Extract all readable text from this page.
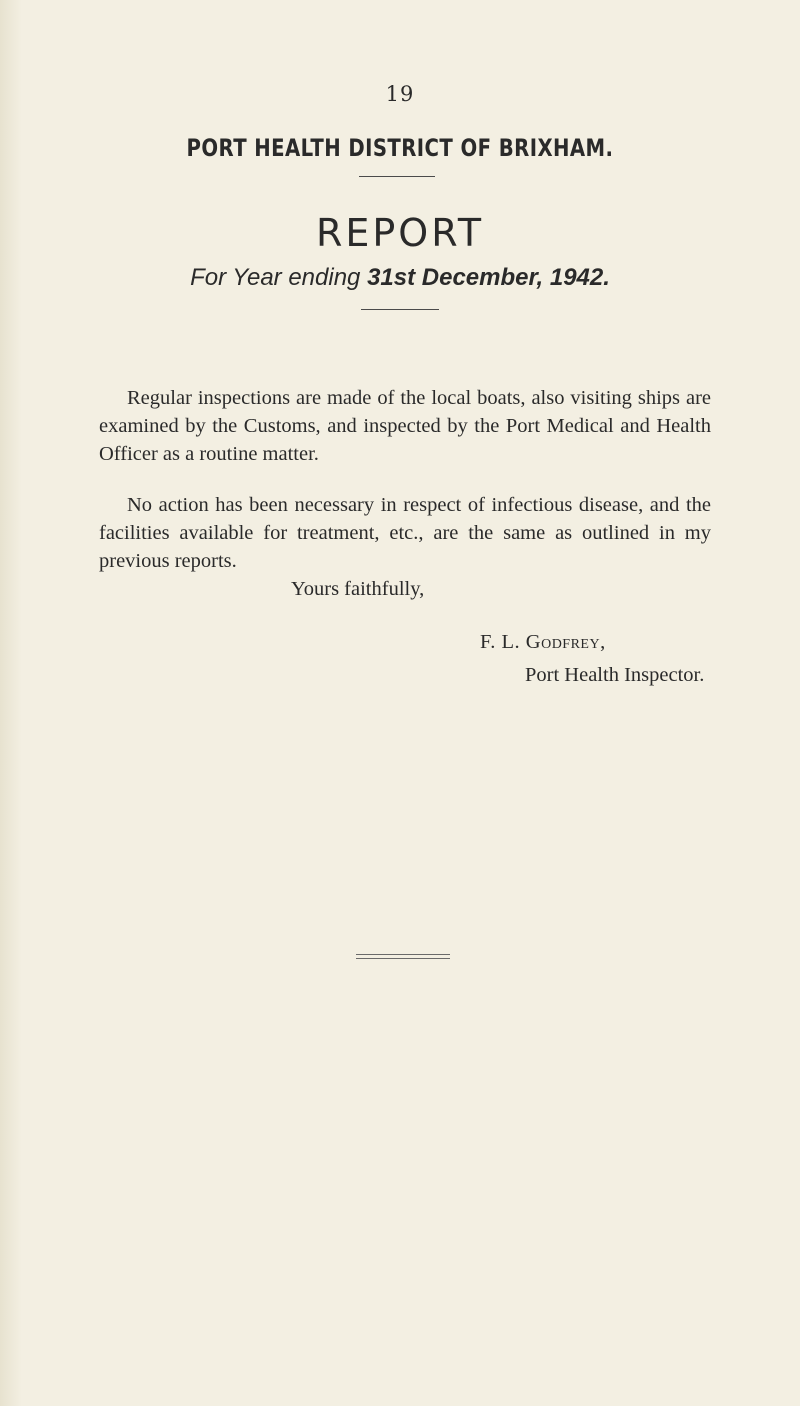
19
PORT HEALTH DISTRICT OF BRIXHAM.
REPORT
For Year ending 31st December, 1942.

Regular inspections are made of the local boats, also visiting ships are examined by the Customs, and inspected by the Port Medical and Health Officer as a routine matter.

No action has been necessary in respect of infectious disease, and the facilities available for treatment, etc., are the same as outlined in my previous reports.

Yours faithfully,
F. L. Godfrey,
Port Health Inspector.
